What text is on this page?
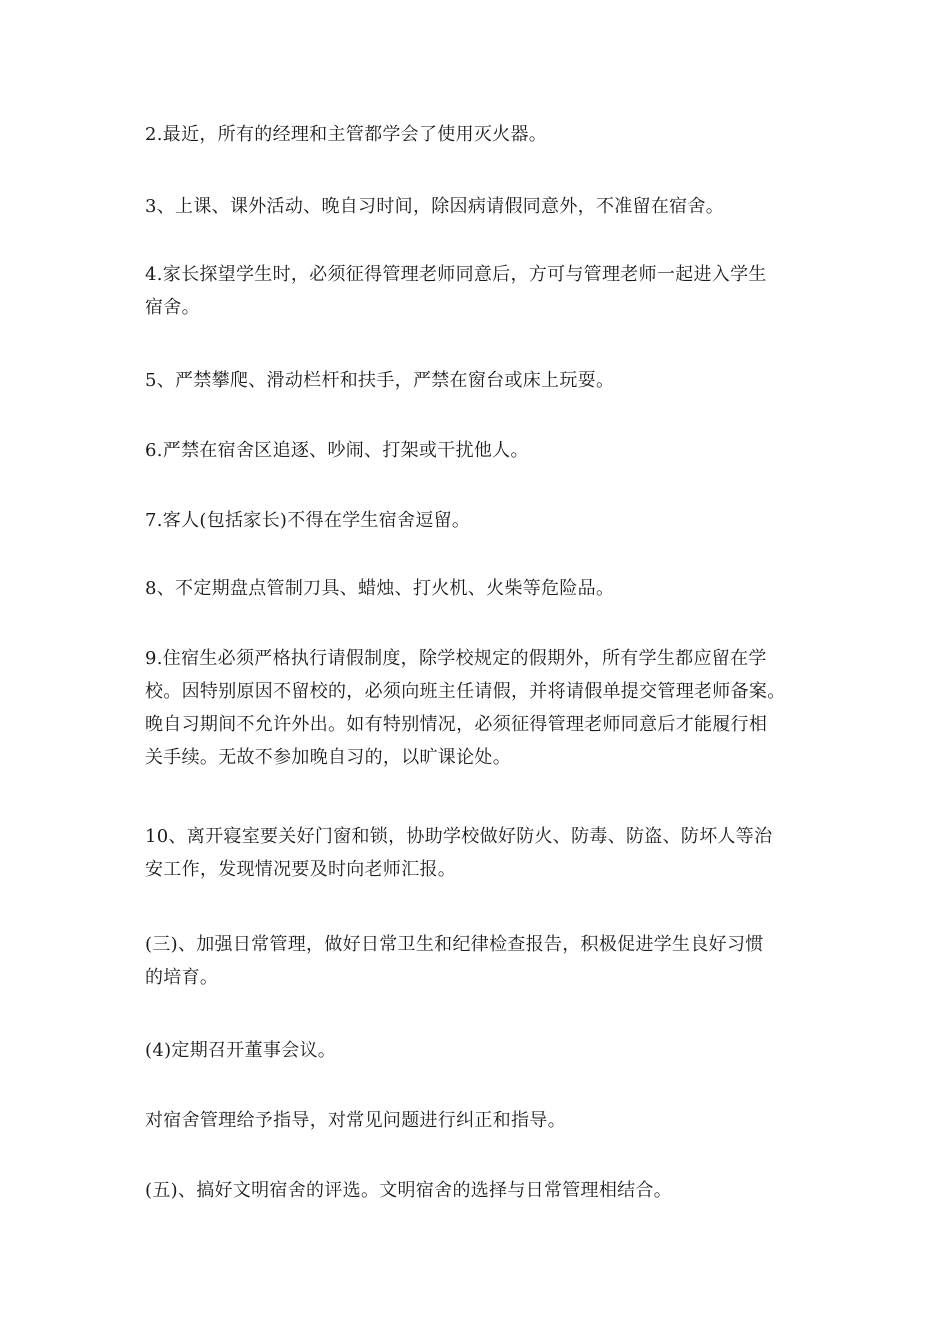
2.最近，所有的经理和主管都学会了使用灭火器。

3、上课、课外活动、晚自习时间，除因病请假同意外，不准留在宿舍。

4.家长探望学生时，必须征得管理老师同意后，方可与管理老师一起进入学生
宿舍。

5、严禁攀爬、滑动栏杆和扶手，严禁在窗台或床上玩耍。

6.严禁在宿舍区追逐、吵闹、打架或干扰他人。

7.客人(包括家长)不得在学生宿舍逗留。

8、不定期盘点管制刀具、蜡烛、打火机、火柴等危险品。

9.住宿生必须严格执行请假制度，除学校规定的假期外，所有学生都应留在学
校。因特别原因不留校的，必须向班主任请假，并将请假单提交管理老师备案。
晚自习期间不允许外出。如有特别情况，必须征得管理老师同意后才能履行相
关手续。无故不参加晚自习的，以旷课论处。

10、离开寝室要关好门窗和锁，协助学校做好防火、防毒、防盗、防坏人等治
安工作，发现情况要及时向老师汇报。

(三)、加强日常管理，做好日常卫生和纪律检查报告，积极促进学生良好习惯
的培育。

(4)定期召开董事会议。

对宿舍管理给予指导，对常见问题进行纠正和指导。

(五)、搞好文明宿舍的评选。文明宿舍的选择与日常管理相结合。
